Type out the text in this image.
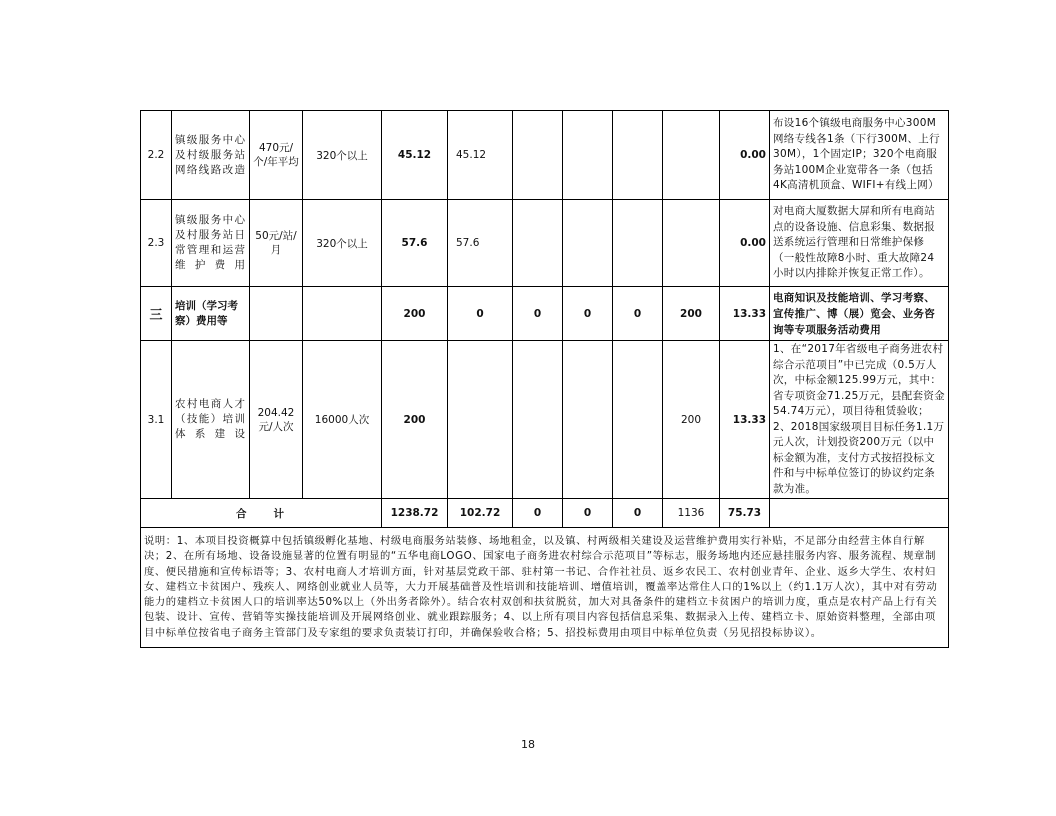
2.2	镇级服务中心及村级服务站网络线路改造	470元/个/年平均	320个以上	45.12	45.12					0.00	布设16个镇级电商服务中心300M网络专线各1条（下行300M、上行30M），1个固定IP；320个电商服务站100M企业宽带各一条（包括4K高清机顶盒、WIFI+有线上网）
2.3	镇级服务中心及村服务站日常管理和运营维护费用	50元/站/月	320个以上	57.6	57.6					0.00	对电商大厦数据大屏和所有电商站点的设备设施、信息彩集、数据报送系统运行管理和日常维护保修（一般性故障8小时、重大故障24小时以内排除并恢复正常工作）。
三	培训（学习考察）费用等			200	0	0	0	0	200	13.33	电商知识及技能培训、学习考察、宣传推广、博（展）览会、业务咨询等专项服务活动费用
3.1	农村电商人才（技能）培训体系建设	204.42元/人次	16000人次	200					200	13.33	1、在“2017年省级电子商务进农村综合示范项目”中已完成（0.5万人次，中标金额125.99万元，其中：省专项资金71.25万元，县配套资金54.74万元），项目待租赁验收；2、2018国家级项目目标任务1.1万元人次，计划投资200万元（以中标金额为准，支付方式按招投标文件和与中标单位签订的协议约定条款为准。
合　　计				1238.72	102.72	0	0	0	1136	75.73	
说明：1、本项目投资概算中包括镇级孵化基地、村级电商服务站装修、场地租金，以及镇、村两级相关建设及运营维护费用实行补贴，不足部分由经营主体自行解决；2、在所有场地、设备设施显著的位置有明显的“五华电商LOGO、国家电子商务进农村综合示范项目”等标志，服务场地内还应悬挂服务内容、服务流程、规章制度、便民措施和宣传标语等；3、农村电商人才培训方面，针对基层党政干部、驻村第一书记、合作社社员、返乡农民工、农村创业青年、企业、返乡大学生、农村妇女、建档立卡贫困户、残疾人、网络创业就业人员等，大力开展基础普及性培训和技能培训、增值培训，覆盖率达常住人口的1%以上（约1.1万人次），其中对有劳动能力的建档立卡贫困人口的培训率达50%以上（外出务者除外）。结合农村双创和扶贫脱贫，加大对具备条件的建档立卡贫困户的培训力度，重点是农村产品上行有关包装、设计、宣传、营销等实操技能培训及开展网络创业、就业跟踪服务；4、以上所有项目内容包括信息采集、数据录入上传、建档立卡、原始资料整理，全部由项目中标单位按省电子商务主管部门及专家组的要求负责装订打印，并确保验收合格；5、招投标费用由项目中标单位负责（另见招投标协议）。											
18
